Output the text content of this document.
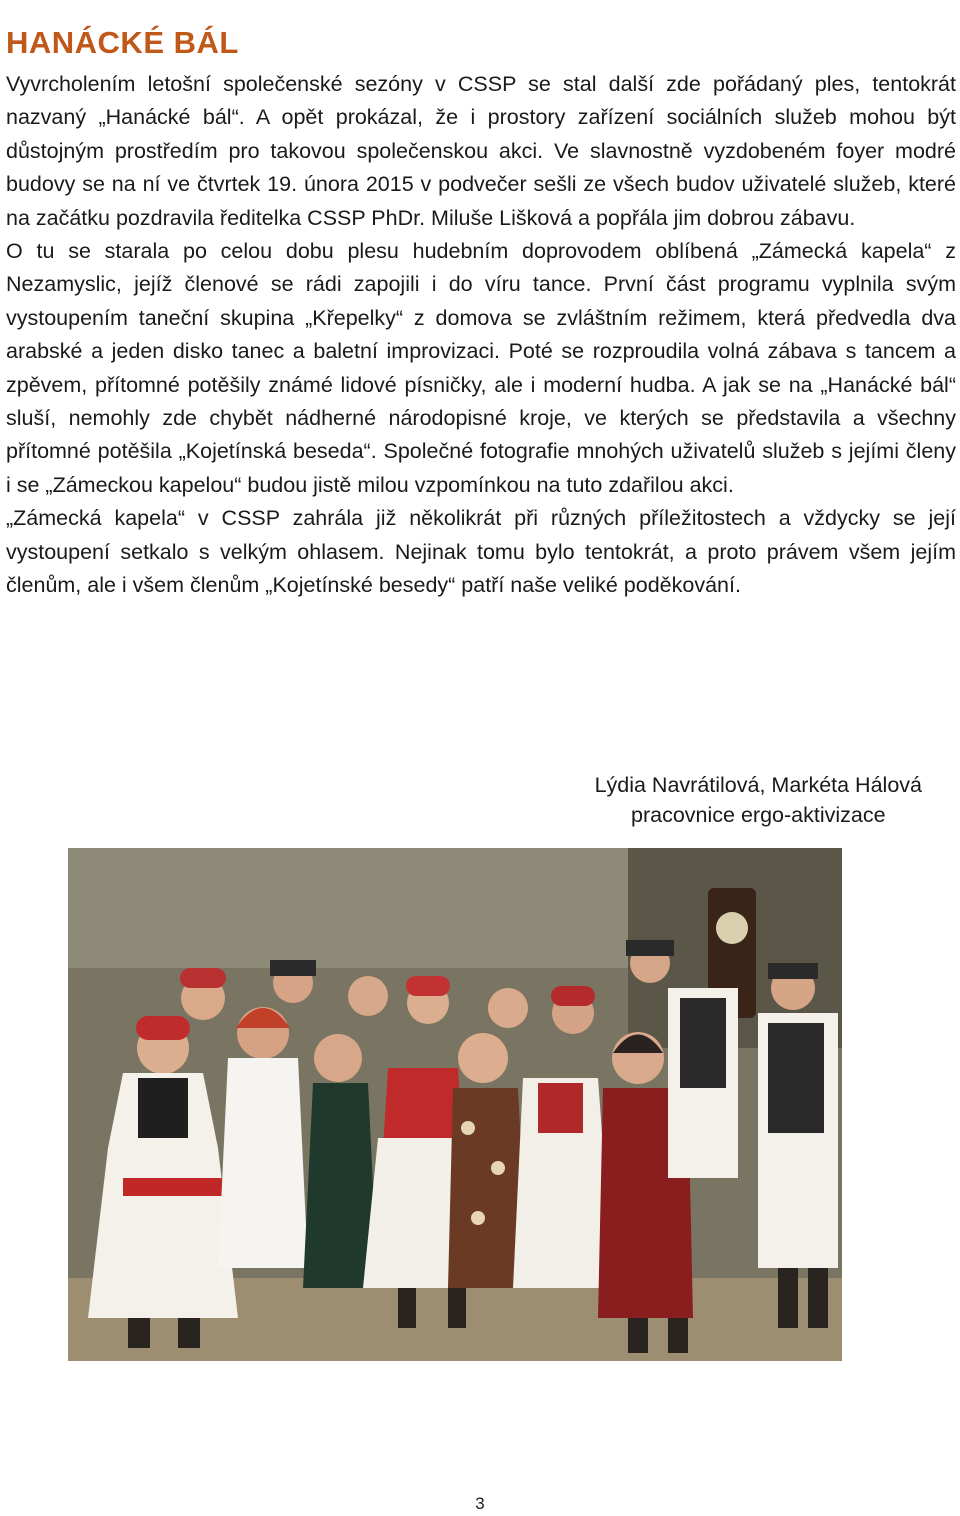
HANÁCKÉ BÁL

Vyvrcholením letošní společenské sezóny v CSSP se stal další zde pořádaný ples, tentokrát nazvaný „Hanácké bál“. A opět prokázal, že i prostory zařízení sociálních služeb mohou být důstojným prostředím pro takovou společenskou akci. Ve slavnostně vyzdobeném foyer modré budovy se na ní ve čtvrtek 19. února 2015 v podvečer sešli ze všech budov uživatelé služeb, které na začátku pozdravila ředitelka CSSP PhDr. Miluše Lišková a popřála jim dobrou zábavu.

O tu se starala po celou dobu plesu hudebním doprovodem oblíbená „Zámecká kapela“ z Nezamyslic, jejíž členové se rádi zapojili i do víru tance. První část programu vyplnila svým vystoupením taneční skupina „Křepelky“ z domova se zvláštním režimem, která předvedla dva arabské a jeden disko tanec a baletní improvizaci. Poté se rozproudila volná zábava s tancem a zpěvem, přítomné potěšily známé lidové písničky, ale i moderní hudba. A jak se na „Hanácké bál“ sluší, nemohly zde chybět nádherné národopisné kroje, ve kterých se představila a všechny přítomné potěšila „Kojetínská beseda“. Společné fotografie mnohých uživatelů služeb s jejími členy i se „Zámeckou kapelou“ budou jistě milou vzpomínkou na tuto zdařilou akci.

„Zámecká kapela“ v CSSP zahrála již několikrát při různých příležitostech a vždycky se její vystoupení setkalo s velkým ohlasem. Nejinak tomu bylo tentokrát, a proto právem všem jejím členům, ale i všem členům „Kojetínské besedy“ patří naše veliké poděkování.

Lýdia Navrátilová, Markéta Hálová
pracovnice ergo-aktivizace
3
